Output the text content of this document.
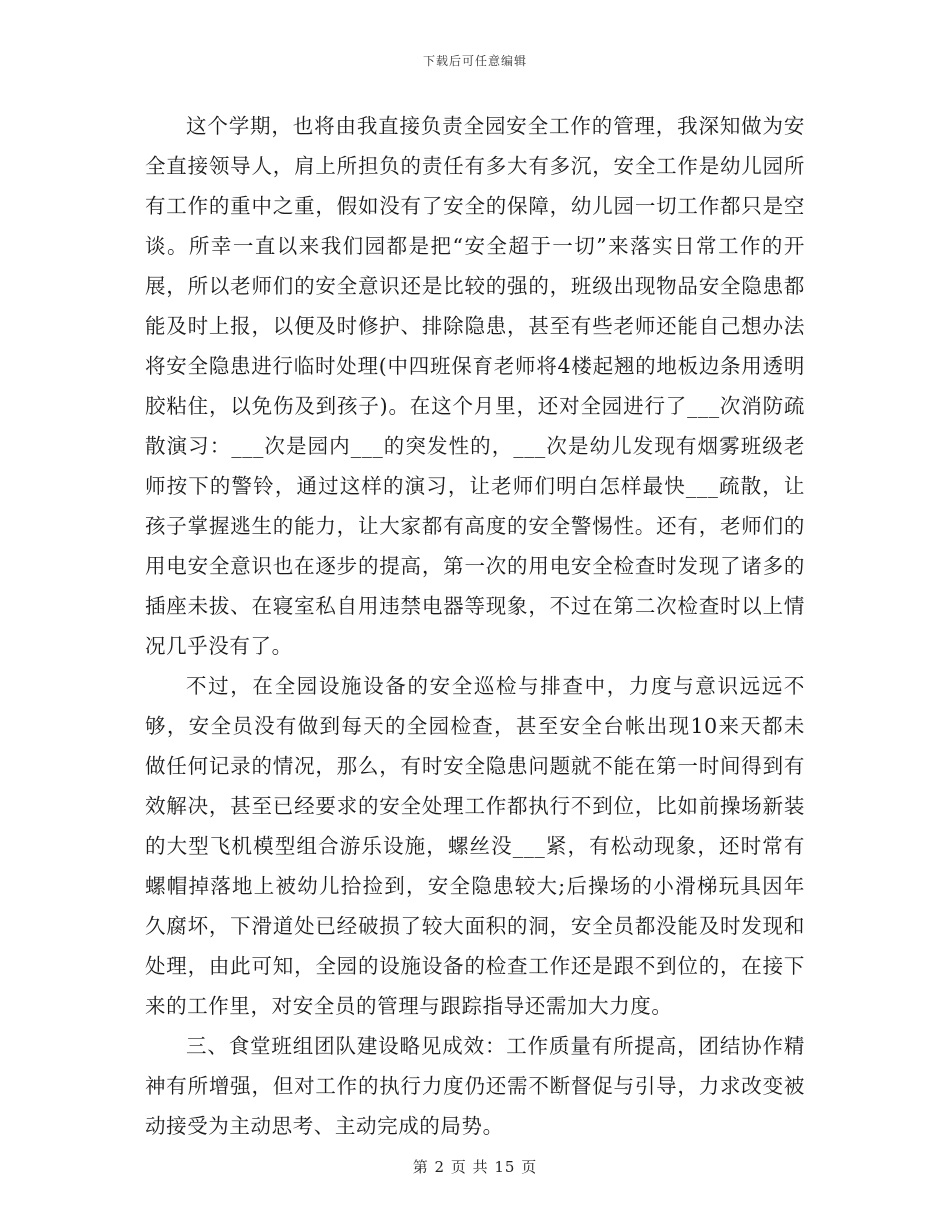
下载后可任意编辑

这个学期，也将由我直接负责全园安全工作的管理，我深知做为安全直接领导人，肩上所担负的责任有多大有多沉，安全工作是幼儿园所有工作的重中之重，假如没有了安全的保障，幼儿园一切工作都只是空谈。所幸一直以来我们园都是把“安全超于一切”来落实日常工作的开展，所以老师们的安全意识还是比较的强的，班级出现物品安全隐患都能及时上报，以便及时修护、排除隐患，甚至有些老师还能自己想办法将安全隐患进行临时处理(中四班保育老师将4楼起翘的地板边条用透明胶粘住，以免伤及到孩子)。在这个月里，还对全园进行了___次消防疏散演习：___次是园内___的突发性的，___次是幼儿发现有烟雾班级老师按下的警铃，通过这样的演习，让老师们明白怎样最快___疏散，让孩子掌握逃生的能力，让大家都有高度的安全警惕性。还有，老师们的用电安全意识也在逐步的提高，第一次的用电安全检查时发现了诸多的插座未拔、在寝室私自用违禁电器等现象，不过在第二次检查时以上情况几乎没有了。

不过，在全园设施设备的安全巡检与排查中，力度与意识远远不够，安全员没有做到每天的全园检查，甚至安全台帐出现10来天都未做任何记录的情况，那么，有时安全隐患问题就不能在第一时间得到有效解决，甚至已经要求的安全处理工作都执行不到位，比如前操场新装的大型飞机模型组合游乐设施，螺丝没___紧，有松动现象，还时常有螺帽掉落地上被幼儿拾捡到，安全隐患较大;后操场的小滑梯玩具因年久腐坏，下滑道处已经破损了较大面积的洞，安全员都没能及时发现和处理，由此可知，全园的设施设备的检查工作还是跟不到位的，在接下来的工作里，对安全员的管理与跟踪指导还需加大力度。

三、食堂班组团队建设略见成效：工作质量有所提高，团结协作精神有所增强，但对工作的执行力度仍还需不断督促与引导，力求改变被动接受为主动思考、主动完成的局势。

第 2 页 共 15 页
